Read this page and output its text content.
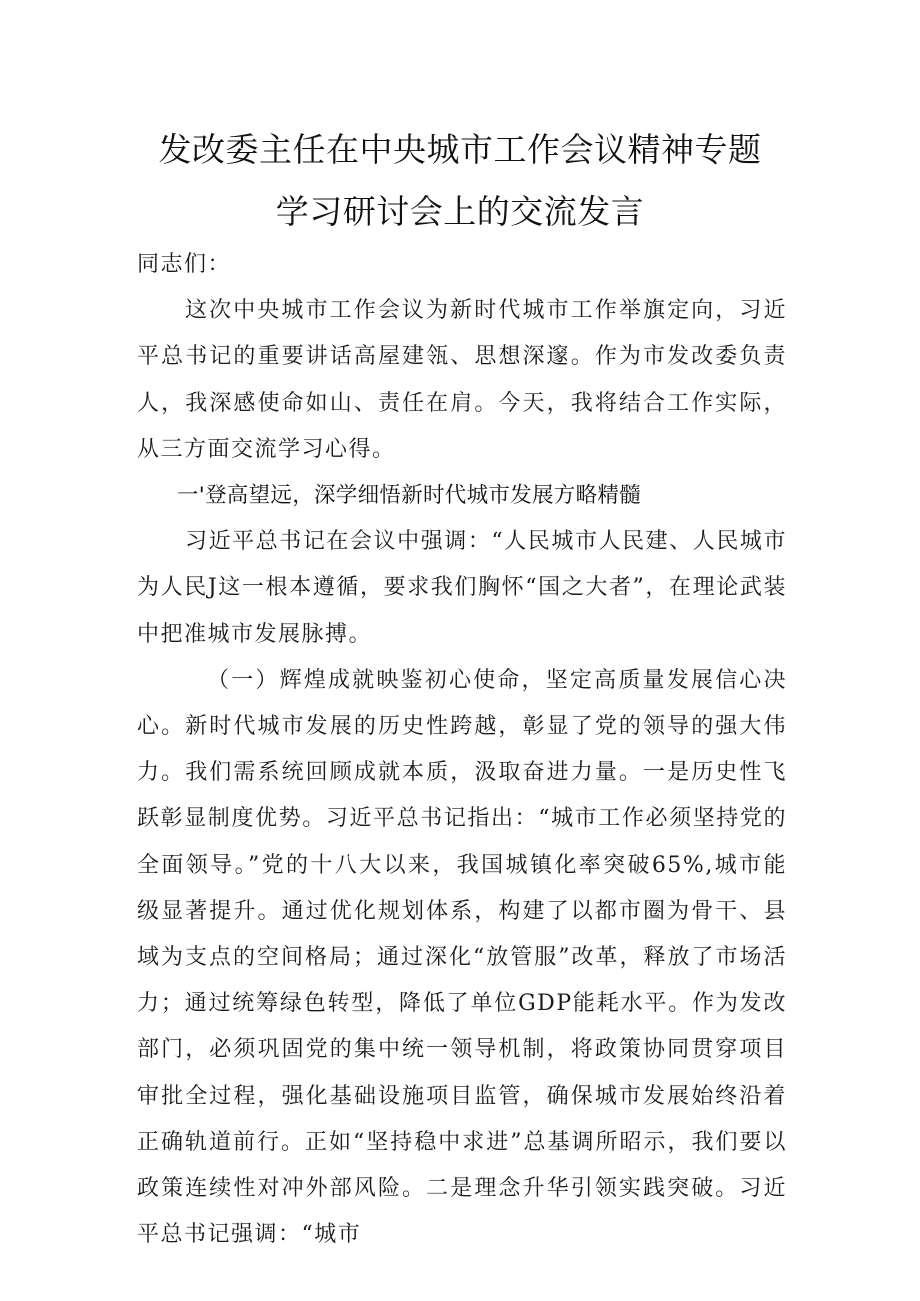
发改委主任在中央城市工作会议精神专题
学习研讨会上的交流发言

同志们：

这次中央城市工作会议为新时代城市工作举旗定向，习近平总书记的重要讲话高屋建瓴、思想深邃。作为市发改委负责人，我深感使命如山、责任在肩。今天，我将结合工作实际，从三方面交流学习心得。

一'登高望远，深学细悟新时代城市发展方略精髓

习近平总书记在会议中强调：“人民城市人民建、人民城市为人民J这一根本遵循，要求我们胸怀“国之大者”，在理论武装中把准城市发展脉搏。

（一）辉煌成就映鉴初心使命，坚定高质量发展信心决心。新时代城市发展的历史性跨越，彰显了党的领导的强大伟力。我们需系统回顾成就本质，汲取奋进力量。一是历史性飞跃彰显制度优势。习近平总书记指出：“城市工作必须坚持党的全面领导。”党的十八大以来，我国城镇化率突破65%,城市能级显著提升。通过优化规划体系，构建了以都市圈为骨干、县域为支点的空间格局；通过深化“放管服”改革，释放了市场活力；通过统筹绿色转型，降低了单位GDP能耗水平。作为发改部门，必须巩固党的集中统一领导机制，将政策协同贯穿项目审批全过程，强化基础设施项目监管，确保城市发展始终沿着正确轨道前行。正如“坚持稳中求进”总基调所昭示，我们要以政策连续性对冲外部风险。二是理念升华引领实践突破。习近平总书记强调：“城市
